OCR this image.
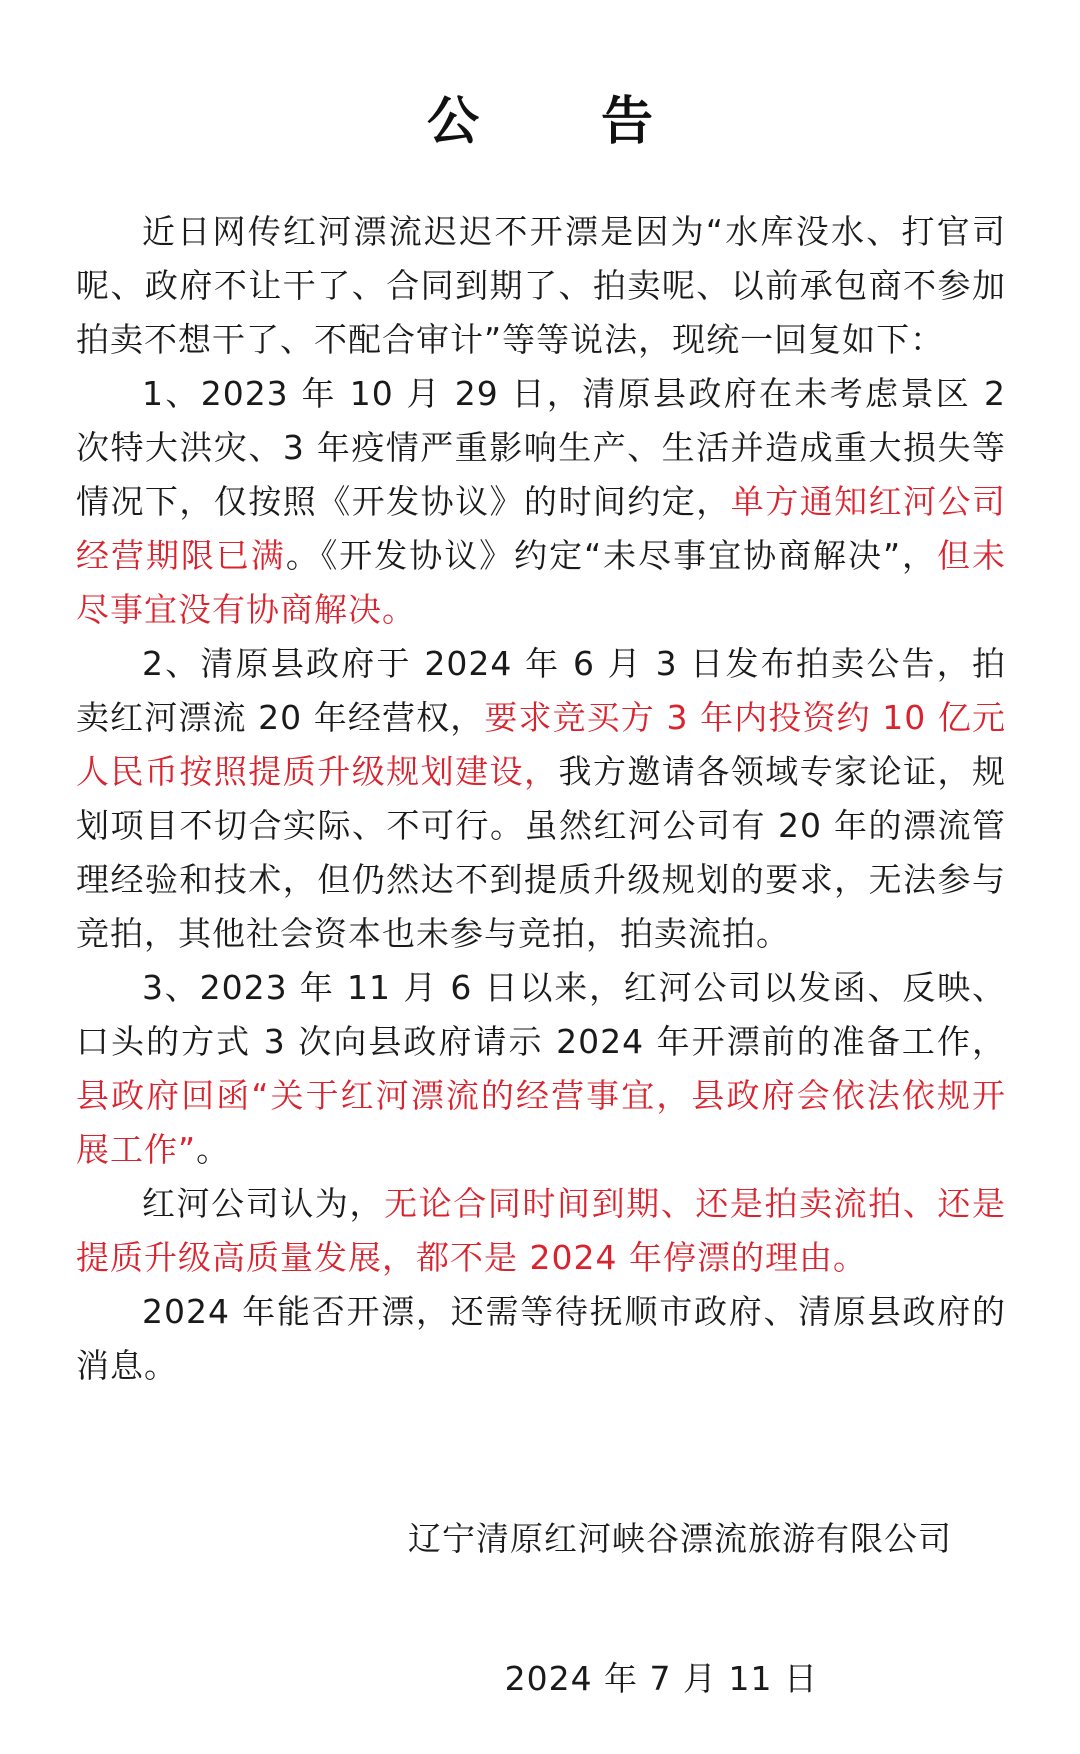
公 告

近日网传红河漂流迟迟不开漂是因为“水库没水、打官司呢、政府不让干了、合同到期了、拍卖呢、以前承包商不参加拍卖不想干了、不配合审计”等等说法，现统一回复如下：

1、2023 年 10 月 29 日，清原县政府在未考虑景区 2 次特大洪灾、3 年疫情严重影响生产、生活并造成重大损失等情况下，仅按照《开发协议》的时间约定，单方通知红河公司经营期限已满。《开发协议》约定“未尽事宜协商解决”，但未尽事宜没有协商解决。

2、清原县政府于 2024 年 6 月 3 日发布拍卖公告，拍卖红河漂流 20 年经营权，要求竞买方 3 年内投资约 10 亿元人民币按照提质升级规划建设，我方邀请各领域专家论证，规划项目不切合实际、不可行。虽然红河公司有 20 年的漂流管理经验和技术，但仍然达不到提质升级规划的要求，无法参与竞拍，其他社会资本也未参与竞拍，拍卖流拍。

3、2023 年 11 月 6 日以来，红河公司以发函、反映、口头的方式 3 次向县政府请示 2024 年开漂前的准备工作，县政府回函“关于红河漂流的经营事宜，县政府会依法依规开展工作”。

红河公司认为，无论合同时间到期、还是拍卖流拍、还是提质升级高质量发展，都不是 2024 年停漂的理由。

2024 年能否开漂，还需等待抚顺市政府、清原县政府的消息。

辽宁清原红河峡谷漂流旅游有限公司
2024 年 7 月 11 日
